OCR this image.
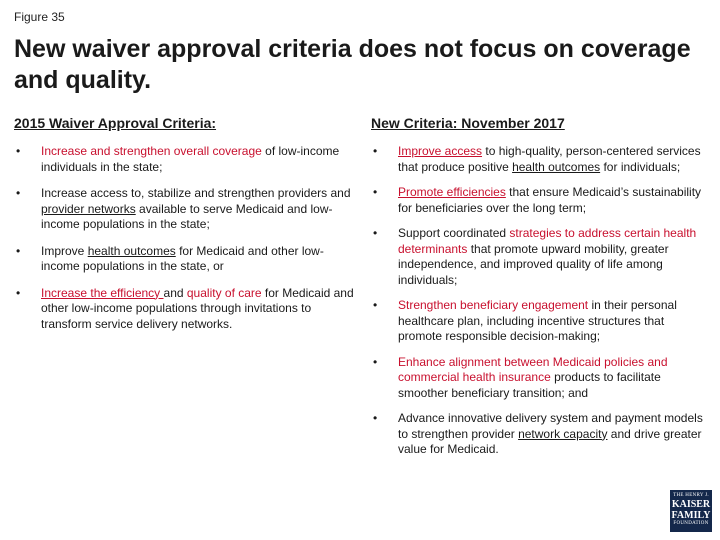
Figure 35
New waiver approval criteria does not focus on coverage and quality.
2015 Waiver Approval Criteria:
• Increase and strengthen overall coverage of low-income individuals in the state;
• Increase access to, stabilize and strengthen providers and provider networks available to serve Medicaid and low-income populations in the state;
• Improve health outcomes for Medicaid and other low-income populations in the state, or
• Increase the efficiency and quality of care for Medicaid and other low-income populations through invitations to transform service delivery networks.
New Criteria: November 2017
• Improve access to high-quality, person-centered services that produce positive health outcomes for individuals;
• Promote efficiencies that ensure Medicaid’s sustainability for beneficiaries over the long term;
• Support coordinated strategies to address certain health determinants that promote upward mobility, greater independence, and improved quality of life among individuals;
• Strengthen beneficiary engagement in their personal healthcare plan, including incentive structures that promote responsible decision-making;
• Enhance alignment between Medicaid policies and commercial health insurance products to facilitate smoother beneficiary transition; and
• Advance innovative delivery system and payment models to strengthen provider network capacity and drive greater value for Medicaid.
THE HENRY J.
KAISER
FAMILY
FOUNDATION
